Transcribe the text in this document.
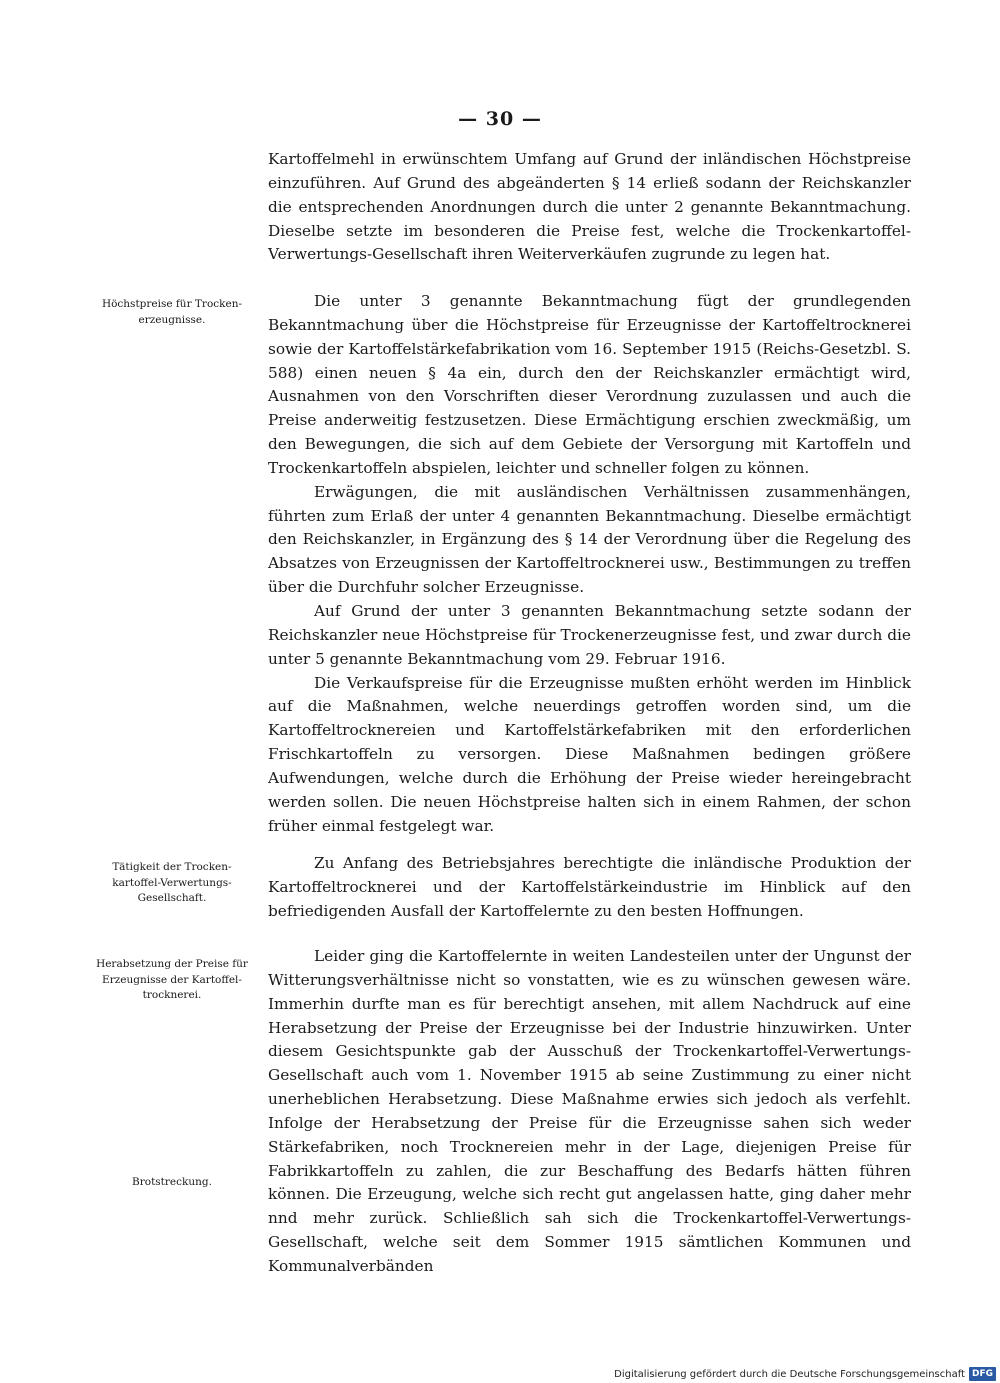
— 30 —

Kartoffelmehl in erwünschtem Umfang auf Grund der inländischen Höchstpreise einzuführen. Auf Grund des abgeänderten § 14 erließ sodann der Reichskanzler die entsprechenden Anordnungen durch die unter 2 genannte Bekanntmachung. Dieselbe setzte im besonderen die Preise fest, welche die Trockenkartoffel-Verwertungs-Gesellschaft ihren Weiterverkäufen zugrunde zu legen hat.

Die unter 3 genannte Bekanntmachung fügt der grundlegenden Bekanntmachung über die Höchstpreise für Erzeugnisse der Kartoffeltrocknerei sowie der Kartoffelstärkefabrikation vom 16. September 1915 (Reichs-Gesetzbl. S. 588) einen neuen § 4a ein, durch den der Reichskanzler ermächtigt wird, Ausnahmen von den Vorschriften dieser Verordnung zuzulassen und auch die Preise anderweitig festzusetzen. Diese Ermächtigung erschien zweckmäßig, um den Bewegungen, die sich auf dem Gebiete der Versorgung mit Kartoffeln und Trockenkartoffeln abspielen, leichter und schneller folgen zu können.

Erwägungen, die mit ausländischen Verhältnissen zusammenhängen, führten zum Erlaß der unter 4 genannten Bekanntmachung. Dieselbe ermächtigt den Reichskanzler, in Ergänzung des § 14 der Verordnung über die Regelung des Absatzes von Erzeugnissen der Kartoffeltrocknerei usw., Bestimmungen zu treffen über die Durchfuhr solcher Erzeugnisse.

Auf Grund der unter 3 genannten Bekanntmachung setzte sodann der Reichskanzler neue Höchstpreise für Trockenerzeugnisse fest, und zwar durch die unter 5 genannte Bekanntmachung vom 29. Februar 1916.

Die Verkaufspreise für die Erzeugnisse mußten erhöht werden im Hinblick auf die Maßnahmen, welche neuerdings getroffen worden sind, um die Kartoffeltrocknereien und Kartoffelstärkefabriken mit den erforderlichen Frischkartoffeln zu versorgen. Diese Maßnahmen bedingen größere Aufwendungen, welche durch die Erhöhung der Preise wieder hereingebracht werden sollen. Die neuen Höchstpreise halten sich in einem Rahmen, der schon früher einmal festgelegt war.

Zu Anfang des Betriebsjahres berechtigte die inländische Produktion der Kartoffeltrocknerei und der Kartoffelstärkeindustrie im Hinblick auf den befriedigenden Ausfall der Kartoffelernte zu den besten Hoffnungen.

Leider ging die Kartoffelernte in weiten Landesteilen unter der Ungunst der Witterungsverhältnisse nicht so vonstatten, wie es zu wünschen gewesen wäre. Immerhin durfte man es für berechtigt ansehen, mit allem Nachdruck auf eine Herabsetzung der Preise der Erzeugnisse bei der Industrie hinzuwirken. Unter diesem Gesichtspunkte gab der Ausschuß der Trockenkartoffel-Verwertungs-Gesellschaft auch vom 1. November 1915 ab seine Zustimmung zu einer nicht unerheblichen Herabsetzung. Diese Maßnahme erwies sich jedoch als verfehlt. Infolge der Herabsetzung der Preise für die Erzeugnisse sahen sich weder Stärkefabriken, noch Trocknereien mehr in der Lage, diejenigen Preise für Fabrikkartoffeln zu zahlen, die zur Beschaffung des Bedarfs hätten führen können. Die Erzeugung, welche sich recht gut angelassen hatte, ging daher mehr nnd mehr zurück. Schließlich sah sich die Trockenkartoffel-Verwertungs-Gesellschaft, welche seit dem Sommer 1915 sämtlichen Kommunen und Kommunalverbänden

Höchstpreise für Trocken-
erzeugnisse.
Tätigkeit der Trocken-
kartoffel-Verwertungs-
Gesellschaft.
Herabsetzung der Preise für
Erzeugnisse der Kartoffel-
trocknerei.
Brotstreckung.
Digitalisierung gefördert durch die Deutsche Forschungsgemeinschaft DFG
